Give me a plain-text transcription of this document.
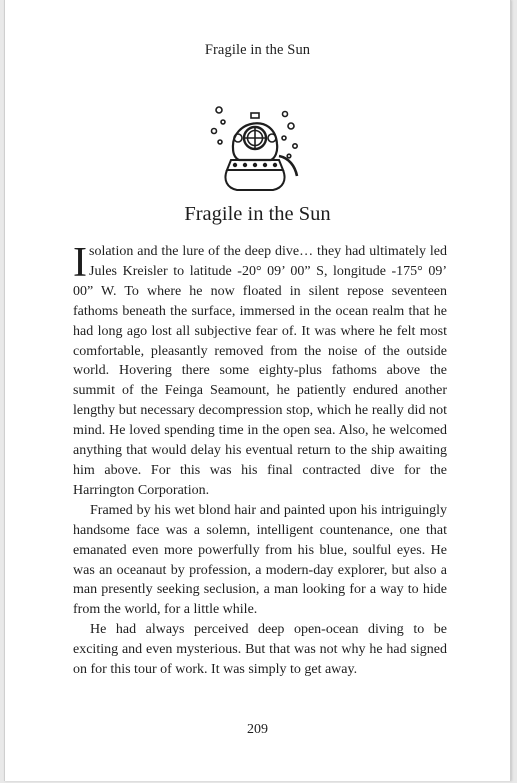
Fragile in the Sun
Fragile in the Sun

Isolation and the lure of the deep dive… they had ultimately led Jules Kreisler to latitude -20° 09’ 00” S, longitude -175° 09’ 00” W. To where he now floated in silent repose seventeen fathoms beneath the surface, immersed in the ocean realm that he had long ago lost all subjective fear of. It was where he felt most comfortable, pleasantly removed from the noise of the outside world. Hovering there some eighty-plus fathoms above the summit of the Feinga Seamount, he patiently endured another lengthy but necessary decompression stop, which he really did not mind. He loved spending time in the open sea. Also, he welcomed anything that would delay his eventual return to the ship awaiting him above. For this was his final contracted dive for the Harrington Corporation.

Framed by his wet blond hair and painted upon his intriguingly handsome face was a solemn, intelligent countenance, one that emanated even more powerfully from his blue, soulful eyes. He was an oceanaut by profession, a modern-day explorer, but also a man presently seeking seclusion, a man looking for a way to hide from the world, for a little while.

He had always perceived deep open-ocean diving to be exciting and even mysterious. But that was not why he had signed on for this tour of work. It was simply to get away.

209
